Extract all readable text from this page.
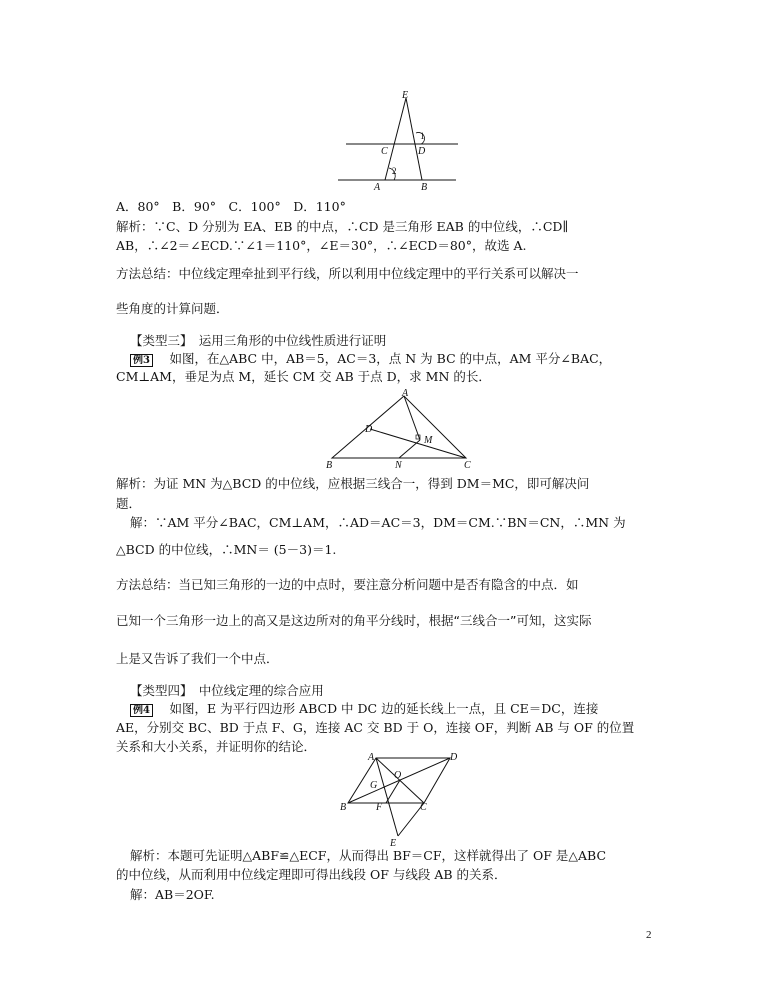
E
C	D
A	B
1
2
A．80°　B．90°　C．100°　D．110°
解析：∵C、D 分别为 EA、EB 的中点，∴CD 是三角形 EAB 的中位线，∴CD∥
AB，∴∠2＝∠ECD.∵∠1＝110°，∠E＝30°，∴∠ECD＝80°，故选 A.
方法总结：中位线定理牵扯到平行线，所以利用中位线定理中的平行关系可以解决一
些角度的计算问题．
【类型三】　运用三角形的中位线性质进行证明
例3　 如图，在△ABC 中，AB＝5，AC＝3，点 N 为 BC 的中点，AM 平分∠BAC，
CM⊥AM，垂足为点 M，延长 CM 交 AB 于点 D，求 MN 的长．
A
D
M
B	N	C
解析：为证 MN 为△BCD 的中位线，应根据三线合一，得到 DM＝MC，即可解决问
题．
解：∵AM 平分∠BAC，CM⊥AM，∴AD＝AC＝3，DM＝CM.∵BN＝CN，∴MN 为
△BCD 的中位线，∴MN＝ (5－3)＝1.
方法总结：当已知三角形的一边的中点时，要注意分析问题中是否有隐含的中点．如
已知一个三角形一边上的高又是这边所对的角平分线时，根据“三线合一”可知，这实际
上是又告诉了我们一个中点．
【类型四】　中位线定理的综合应用
例4　 如图，E 为平行四边形 ABCD 中 DC 边的延长线上一点，且 CE＝DC，连接
AE，分别交 BC、BD 于点 F、G，连接 AC 交 BD 于 O，连接 OF，判断 AB 与 OF 的位置
关系和大小关系，并证明你的结论．
A	D
O
G
B	F	C
E
解析：本题可先证明△ABF≌△ECF，从而得出 BF＝CF，这样就得出了 OF 是△ABC
的中位线，从而利用中位线定理即可得出线段 OF 与线段 AB 的关系．
解：AB＝2OF.
2
